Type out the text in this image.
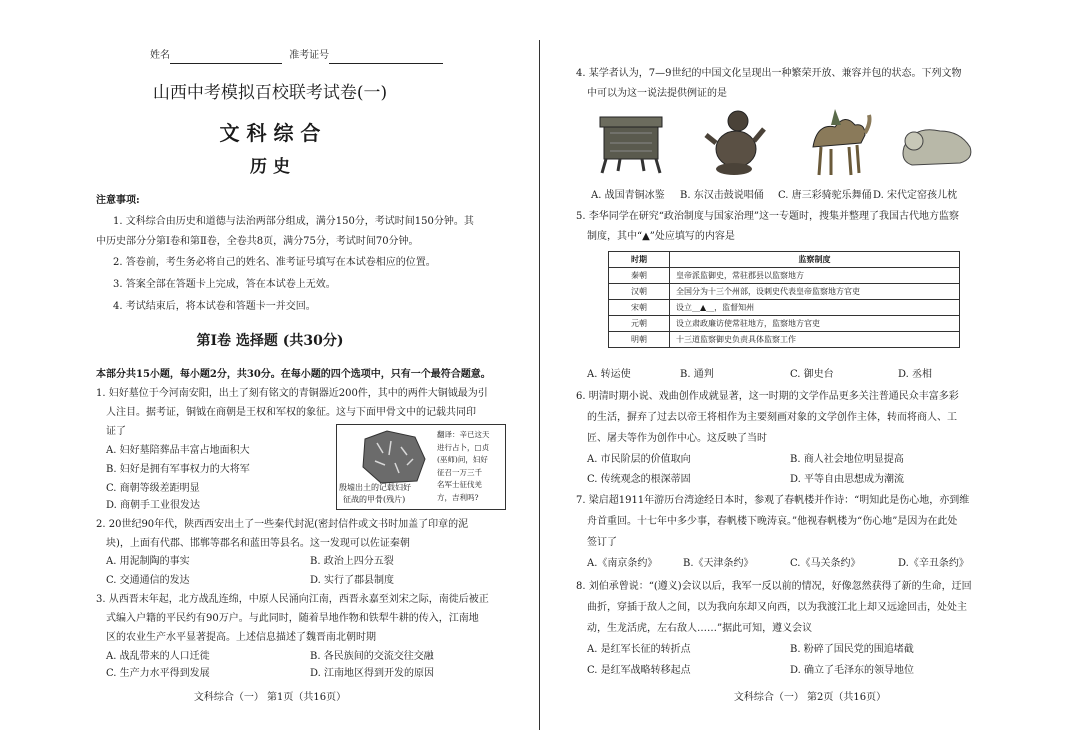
姓名	准考证号
山西中考模拟百校联考试卷(一)
文 科 综 合
历 史
注意事项:
1. 文科综合由历史和道德与法治两部分组成，满分150分，考试时间150分钟。其
中历史部分分第Ⅰ卷和第Ⅱ卷，全卷共8页，满分75分，考试时间70分钟。
2. 答卷前，考生务必将自己的姓名、准考证号填写在本试卷相应的位置。
3. 答案全部在答题卡上完成，答在本试卷上无效。
4. 考试结束后，将本试卷和答题卡一并交回。
第Ⅰ卷 选择题 (共30分)
本部分共15小题，每小题2分，共30分。在每小题的四个选项中，只有一个最符合题意。
1. 妇好墓位于今河南安阳，出土了刻有铭文的青铜器近200件，其中的两件大铜钺最为引
人注目。据考证，铜钺在商朝是王权和军权的象征。这与下面甲骨文中的记载共同印
证了
A. 妇好墓陪葬品丰富占地面积大
B. 妇好是拥有军事权力的大将军
C. 商朝等级差距明显
D. 商朝手工业很发达
殷墟出土的记载妇好
征战的甲骨(残片)
翻译：辛已这天
进行占卜，□贞
(巫师)问，妇好
征召一万三千
名军士征伐羌
方，吉利吗?
2. 20世纪90年代，陕西西安出土了一些秦代封泥(密封信件或文书时加盖了印章的泥
块)，上面有代郡、邯郸等郡名和蓝田等县名。这一发现可以佐证秦朝
A. 用泥制陶的事实	B. 政治上四分五裂
C. 交通通信的发达	D. 实行了郡县制度
3. 从西晋末年起，北方战乱连绵，中原人民涌向江南，西晋永嘉至刘宋之际，南徙后被正
式编入户籍的平民约有90万户。与此同时，随着旱地作物和铁犁牛耕的传入，江南地
区的农业生产水平显著提高。上述信息描述了魏晋南北朝时期
A. 战乱带来的人口迁徙	B. 各民族间的交流交往交融
C. 生产力水平得到发展	D. 江南地区得到开发的原因
文科综合（一） 第1页（共16页）
4. 某学者认为，7—9世纪的中国文化呈现出一种繁荣开放、兼容并包的状态。下列文物
中可以为这一说法提供例证的是
A. 战国青铜冰鉴 B. 东汉击鼓说唱俑 C. 唐三彩骑驼乐舞俑 D. 宋代定窑孩儿枕
5. 李华同学在研究“政治制度与国家治理”这一专题时，搜集并整理了我国古代地方监察
制度，其中“▲”处应填写的内容是
时期	监察制度
秦朝	皇帝派监御史，常驻郡县以监察地方
汉朝	全国分为十三个州部，设刺史代表皇帝监察地方官吏
宋朝	设立__▲__，监督知州
元朝	设立肃政廉访使常驻地方，监察地方官吏
明朝	十三道监察御史负责具体监察工作
A. 转运使	B. 通判	C. 御史台	D. 丞相
6. 明清时期小说、戏曲创作成就显著，这一时期的文学作品更多关注普通民众丰富多彩
的生活，摒弃了过去以帝王将相作为主要刻画对象的文学创作主体，转而将商人、工
匠、屠夫等作为创作中心。这反映了当时
A. 市民阶层的价值取向	B. 商人社会地位明显提高
C. 传统观念的根深蒂固	D. 平等自由思想成为潮流
7. 梁启超1911年游历台湾途经日本时，参观了春帆楼并作诗：“明知此是伤心地，亦到维
舟首重回。十七年中多少事，春帆楼下晚涛哀。”他视春帆楼为“伤心地”是因为在此处
签订了
A.《南京条约》	B.《天津条约》	C.《马关条约》	D.《辛丑条约》
8. 刘伯承曾说：“(遵义)会议以后，我军一反以前的情况，好像忽然获得了新的生命，迂回
曲折，穿插于敌人之间，以为我向东却又向西，以为我渡江北上却又远途回击，处处主
动，生龙活虎，左右敌人……”据此可知，遵义会议
A. 是红军长征的转折点	B. 粉碎了国民党的围追堵截
C. 是红军战略转移起点	D. 确立了毛泽东的领导地位
文科综合（一） 第2页（共16页）
